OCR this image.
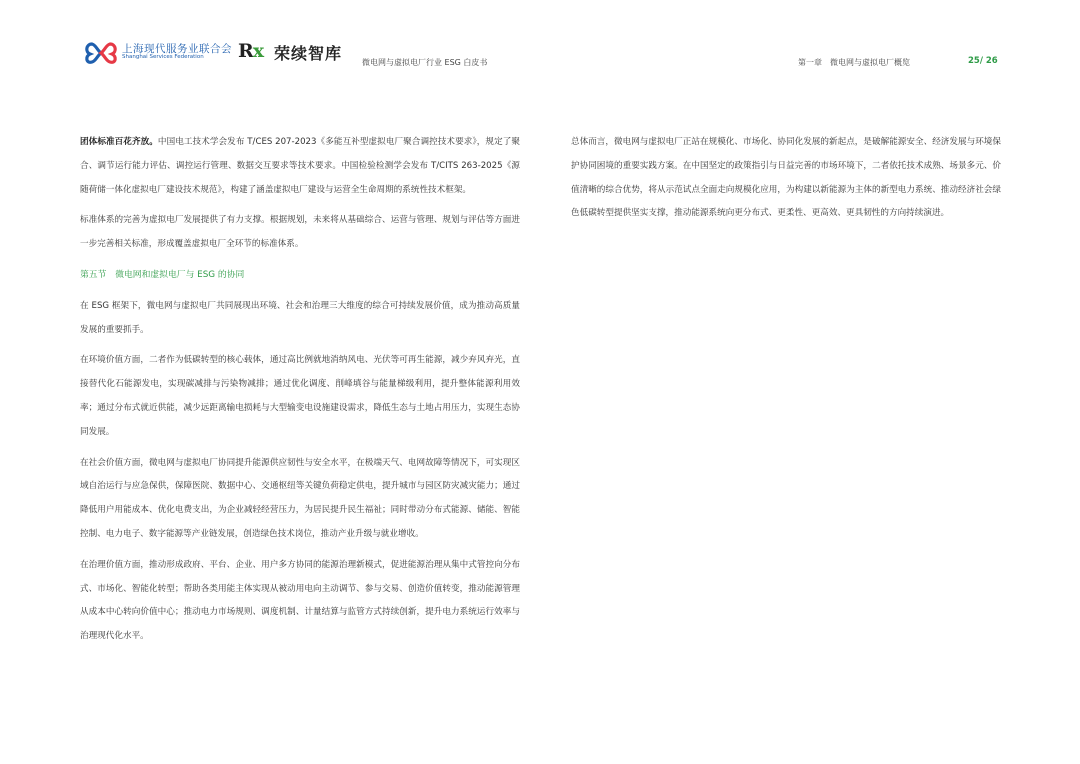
上海现代服务业联合会
Shanghai Services Federation Rx 荣续智库 微电网与虚拟电厂行业 ESG 白皮书	第一章　微电网与虚拟电厂概览	25/ 26

团体标准百花齐放。中国电工技术学会发布 T/CES 207-2023《多能互补型虚拟电厂聚合调控技术要求》，规定了聚合、调节运行能力评估、调控运行管理、数据交互要求等技术要求。中国检验检测学会发布 T/CITS 263-2025《源随荷储一体化虚拟电厂建设技术规范》，构建了涵盖虚拟电厂建设与运营全生命周期的系统性技术框架。

标准体系的完善为虚拟电厂发展提供了有力支撑。根据规划，未来将从基础综合、运营与管理、规划与评估等方面进一步完善相关标准，形成覆盖虚拟电厂全环节的标准体系。

第五节　微电网和虚拟电厂与 ESG 的协同

在 ESG 框架下，微电网与虚拟电厂共同展现出环境、社会和治理三大维度的综合可持续发展价值，成为推动高质量发展的重要抓手。

在环境价值方面，二者作为低碳转型的核心载体，通过高比例就地消纳风电、光伏等可再生能源，减少弃风弃光，直接替代化石能源发电，实现碳减排与污染物减排；通过优化调度、削峰填谷与能量梯级利用，提升整体能源利用效率；通过分布式就近供能，减少远距离输电损耗与大型输变电设施建设需求，降低生态与土地占用压力，实现生态协同发展。

在社会价值方面，微电网与虚拟电厂协同提升能源供应韧性与安全水平，在极端天气、电网故障等情况下，可实现区域自治运行与应急保供，保障医院、数据中心、交通枢纽等关键负荷稳定供电，提升城市与园区防灾减灾能力；通过降低用户用能成本、优化电费支出，为企业减轻经营压力，为居民提升民生福祉；同时带动分布式能源、储能、智能控制、电力电子、数字能源等产业链发展，创造绿色技术岗位，推动产业升级与就业增收。

在治理价值方面，推动形成政府、平台、企业、用户多方协同的能源治理新模式，促进能源治理从集中式管控向分布式、市场化、智能化转型；帮助各类用能主体实现从被动用电向主动调节、参与交易、创造价值转变，推动能源管理从成本中心转向价值中心；推动电力市场规则、调度机制、计量结算与监管方式持续创新，提升电力系统运行效率与治理现代化水平。

总体而言，微电网与虚拟电厂正站在规模化、市场化、协同化发展的新起点，是破解能源安全、经济发展与环境保护协同困境的重要实践方案。在中国坚定的政策指引与日益完善的市场环境下，二者依托技术成熟、场景多元、价值清晰的综合优势，将从示范试点全面走向规模化应用，为构建以新能源为主体的新型电力系统、推动经济社会绿色低碳转型提供坚实支撑，推动能源系统向更分布式、更柔性、更高效、更具韧性的方向持续演进。
